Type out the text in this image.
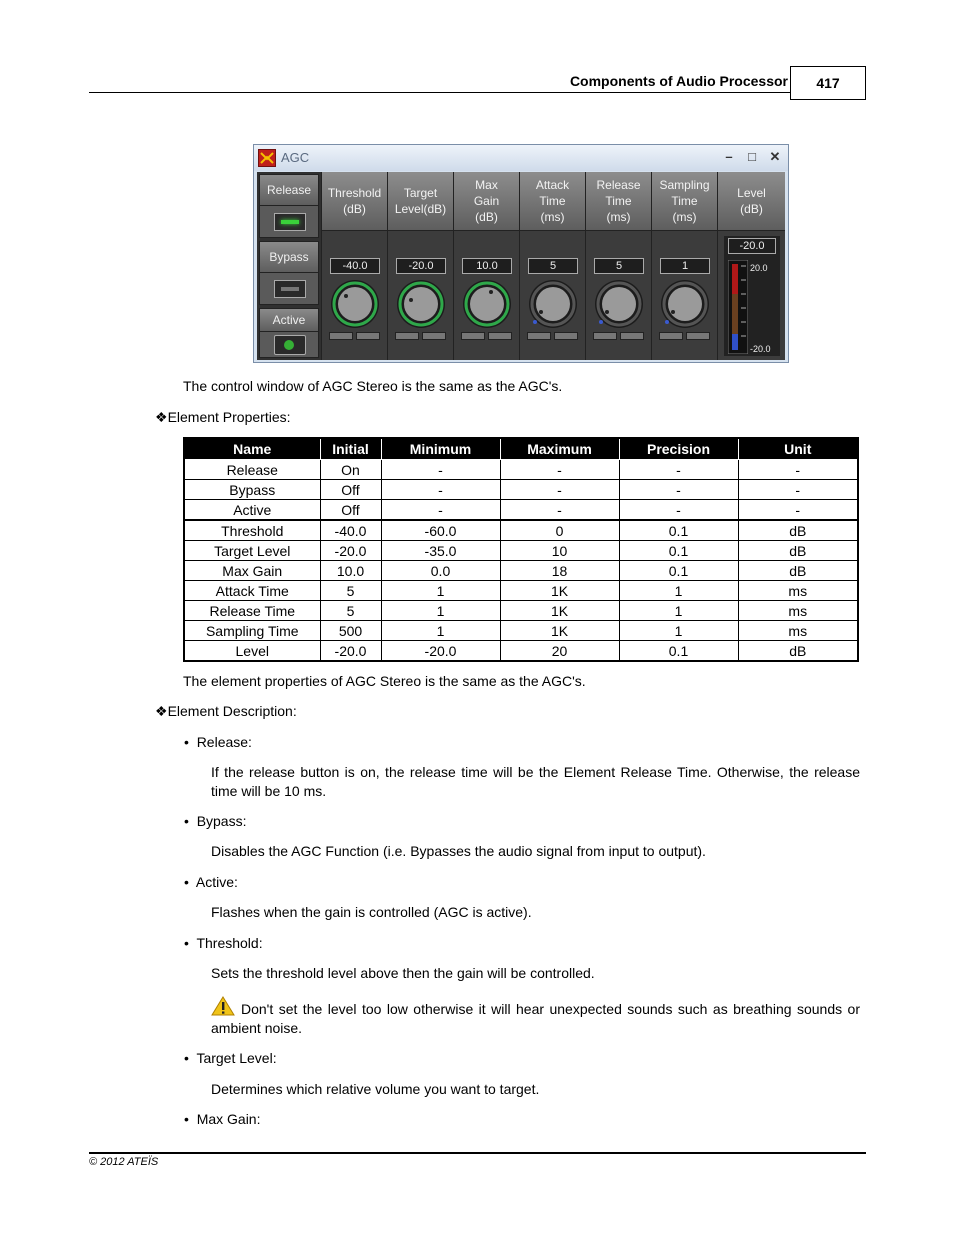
Components of Audio Processor	417
AGC	–	□	✕
Release
Bypass
Active
Threshold
(dB)
-40.0
Target
Level(dB)
-20.0
Max
Gain
(dB)
10.0
Attack
Time
(ms)
5
Release
Time
(ms)
5
Sampling
Time
(ms)
1
Level
(dB)
-20.0
20.0
-20.0
The control window of AGC Stereo is the same as the AGC's.
❖Element Properties:
Name	Initial	Minimum	Maximum	Precision	Unit
Release	On	-	-	-	-
Bypass	Off	-	-	-	-
Active	Off	-	-	-	-
Threshold	-40.0	-60.0	0	0.1	dB
Target Level	-20.0	-35.0	10	0.1	dB
Max Gain	10.0	0.0	18	0.1	dB
Attack Time	5	1	1K	1	ms
Release Time	5	1	1K	1	ms
Sampling Time	500	1	1K	1	ms
Level	-20.0	-20.0	20	0.1	dB
The element properties of AGC Stereo is the same as the AGC's.
❖Element Description:
• Release:
If the release button is on, the release time will be the Element Release Time. Otherwise, the release time will be 10 ms.
• Bypass:
Disables the AGC Function (i.e. Bypasses the audio signal from input to output).
• Active:
Flashes when the gain is controlled (AGC is active).
• Threshold:
Sets the threshold level above then the gain will be controlled.
Don't set the level too low otherwise it will hear unexpected sounds such as breathing sounds or ambient noise.
• Target Level:
Determines which relative volume you want to target.
• Max Gain:
© 2012 ATEÏS
